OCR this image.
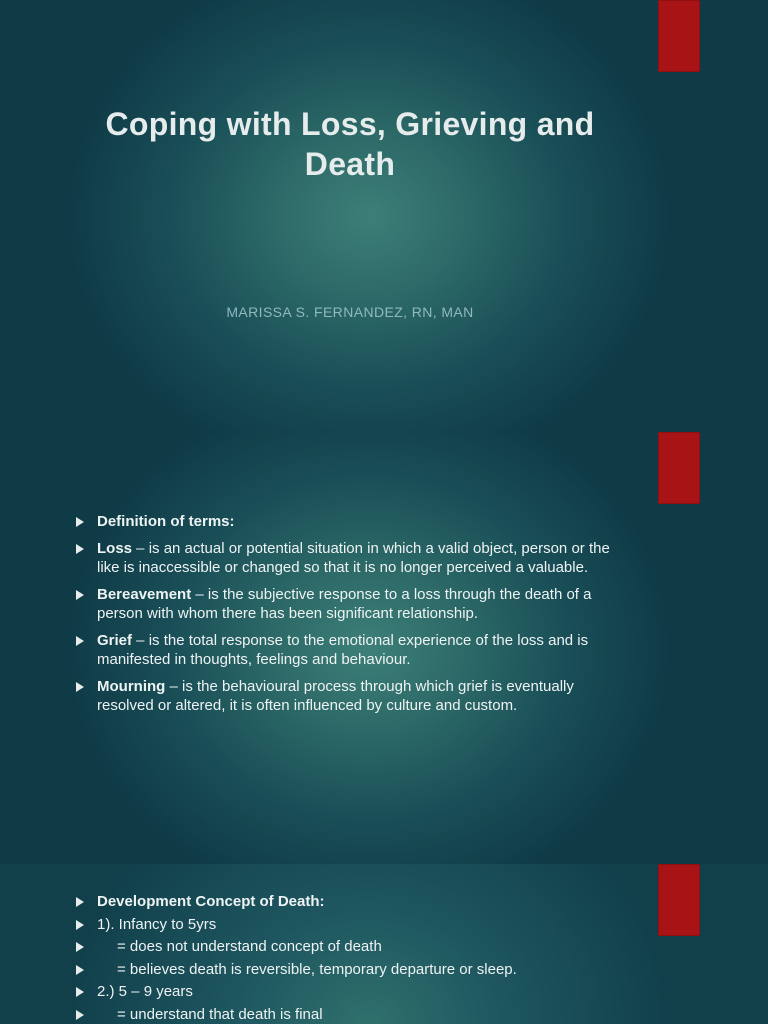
Coping with Loss, Grieving and Death
MARISSA S. FERNANDEZ, RN, MAN
Definition of terms:
Loss – is an actual or potential situation in which a valid object, person or the like is inaccessible or changed so that it is no longer perceived a valuable.
Bereavement – is the subjective response to a loss through the death of a person with whom there has been significant relationship.
Grief – is the total response to the emotional experience of the loss and is manifested in thoughts, feelings and behaviour.
Mourning – is the behavioural process through which grief is eventually resolved or altered, it is often influenced by culture and custom.
Development Concept of Death:
1). Infancy to 5yrs
= does not understand concept of death
= believes death is reversible, temporary departure or sleep.
2.) 5 – 9 years
= understand that death is final
